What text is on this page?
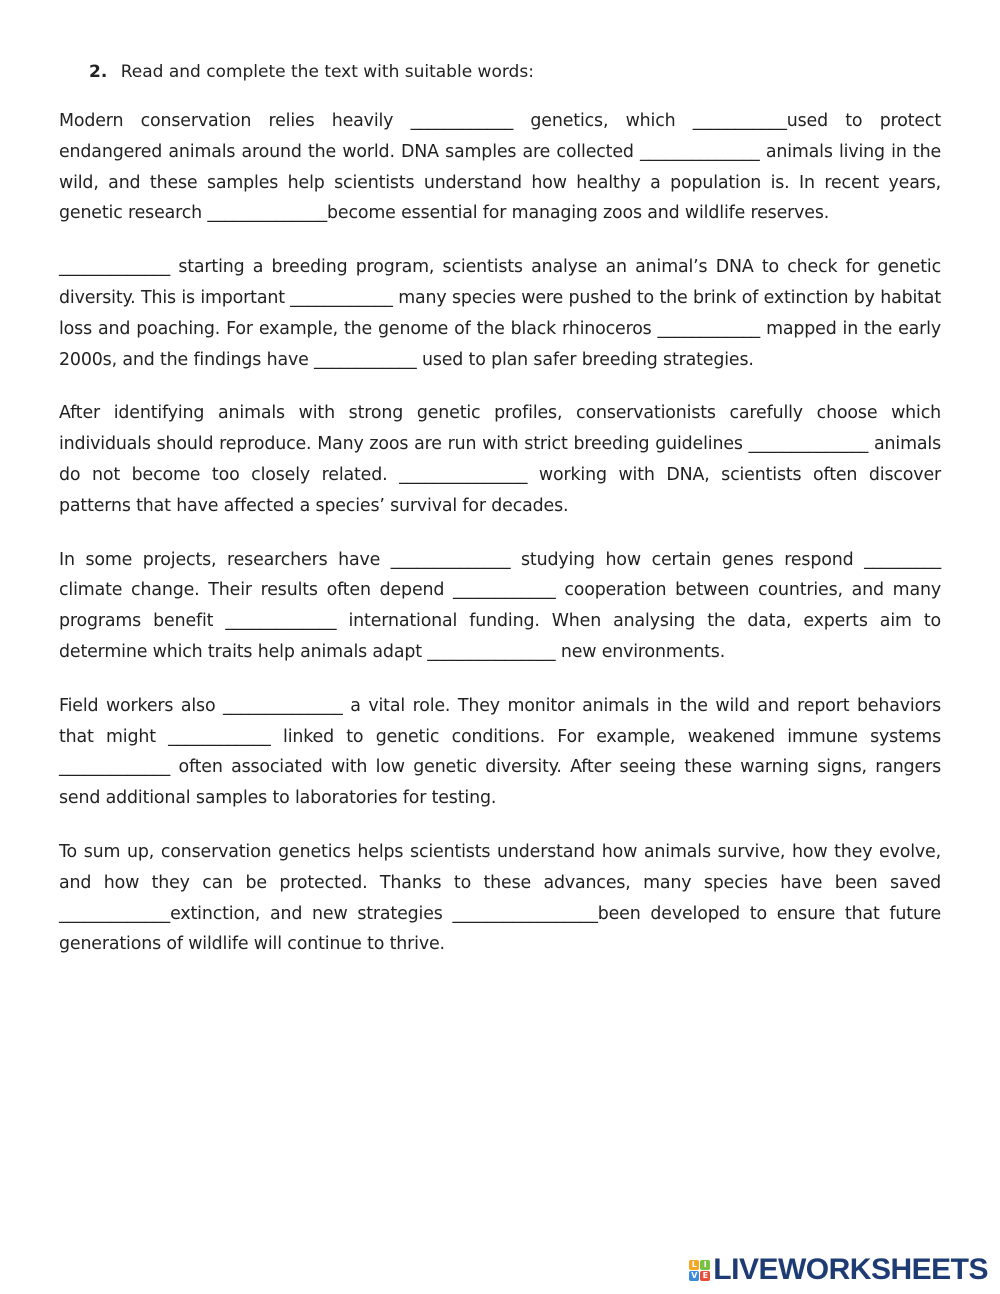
2. Read and complete the text with suitable words:

Modern conservation relies heavily ____________ genetics, which ___________used to protect endangered animals around the world. DNA samples are collected ______________ animals living in the wild, and these samples help scientists understand how healthy a population is. In recent years, genetic research ______________become essential for managing zoos and wildlife reserves.

_____________ starting a breeding program, scientists analyse an animal’s DNA to check for genetic diversity. This is important ____________ many species were pushed to the brink of extinction by habitat loss and poaching. For example, the genome of the black rhinoceros ____________ mapped in the early 2000s, and the findings have ____________ used to plan safer breeding strategies.

After identifying animals with strong genetic profiles, conservationists carefully choose which individuals should reproduce. Many zoos are run with strict breeding guidelines ______________ animals do not become too closely related. _______________ working with DNA, scientists often discover patterns that have affected a species’ survival for decades.

In some projects, researchers have ______________ studying how certain genes respond _________ climate change. Their results often depend ____________ cooperation between countries, and many programs benefit _____________ international funding. When analysing the data, experts aim to determine which traits help animals adapt _______________ new environments.

Field workers also ______________ a vital role. They monitor animals in the wild and report behaviors that might ____________ linked to genetic conditions. For example, weakened immune systems _____________ often associated with low genetic diversity. After seeing these warning signs, rangers send additional samples to laboratories for testing.

To sum up, conservation genetics helps scientists understand how animals survive, how they evolve, and how they can be protected. Thanks to these advances, many species have been saved _____________extinction, and new strategies _________________been developed to ensure that future generations of wildlife will continue to thrive.

L I
V E LIVEWORKSHEETS
